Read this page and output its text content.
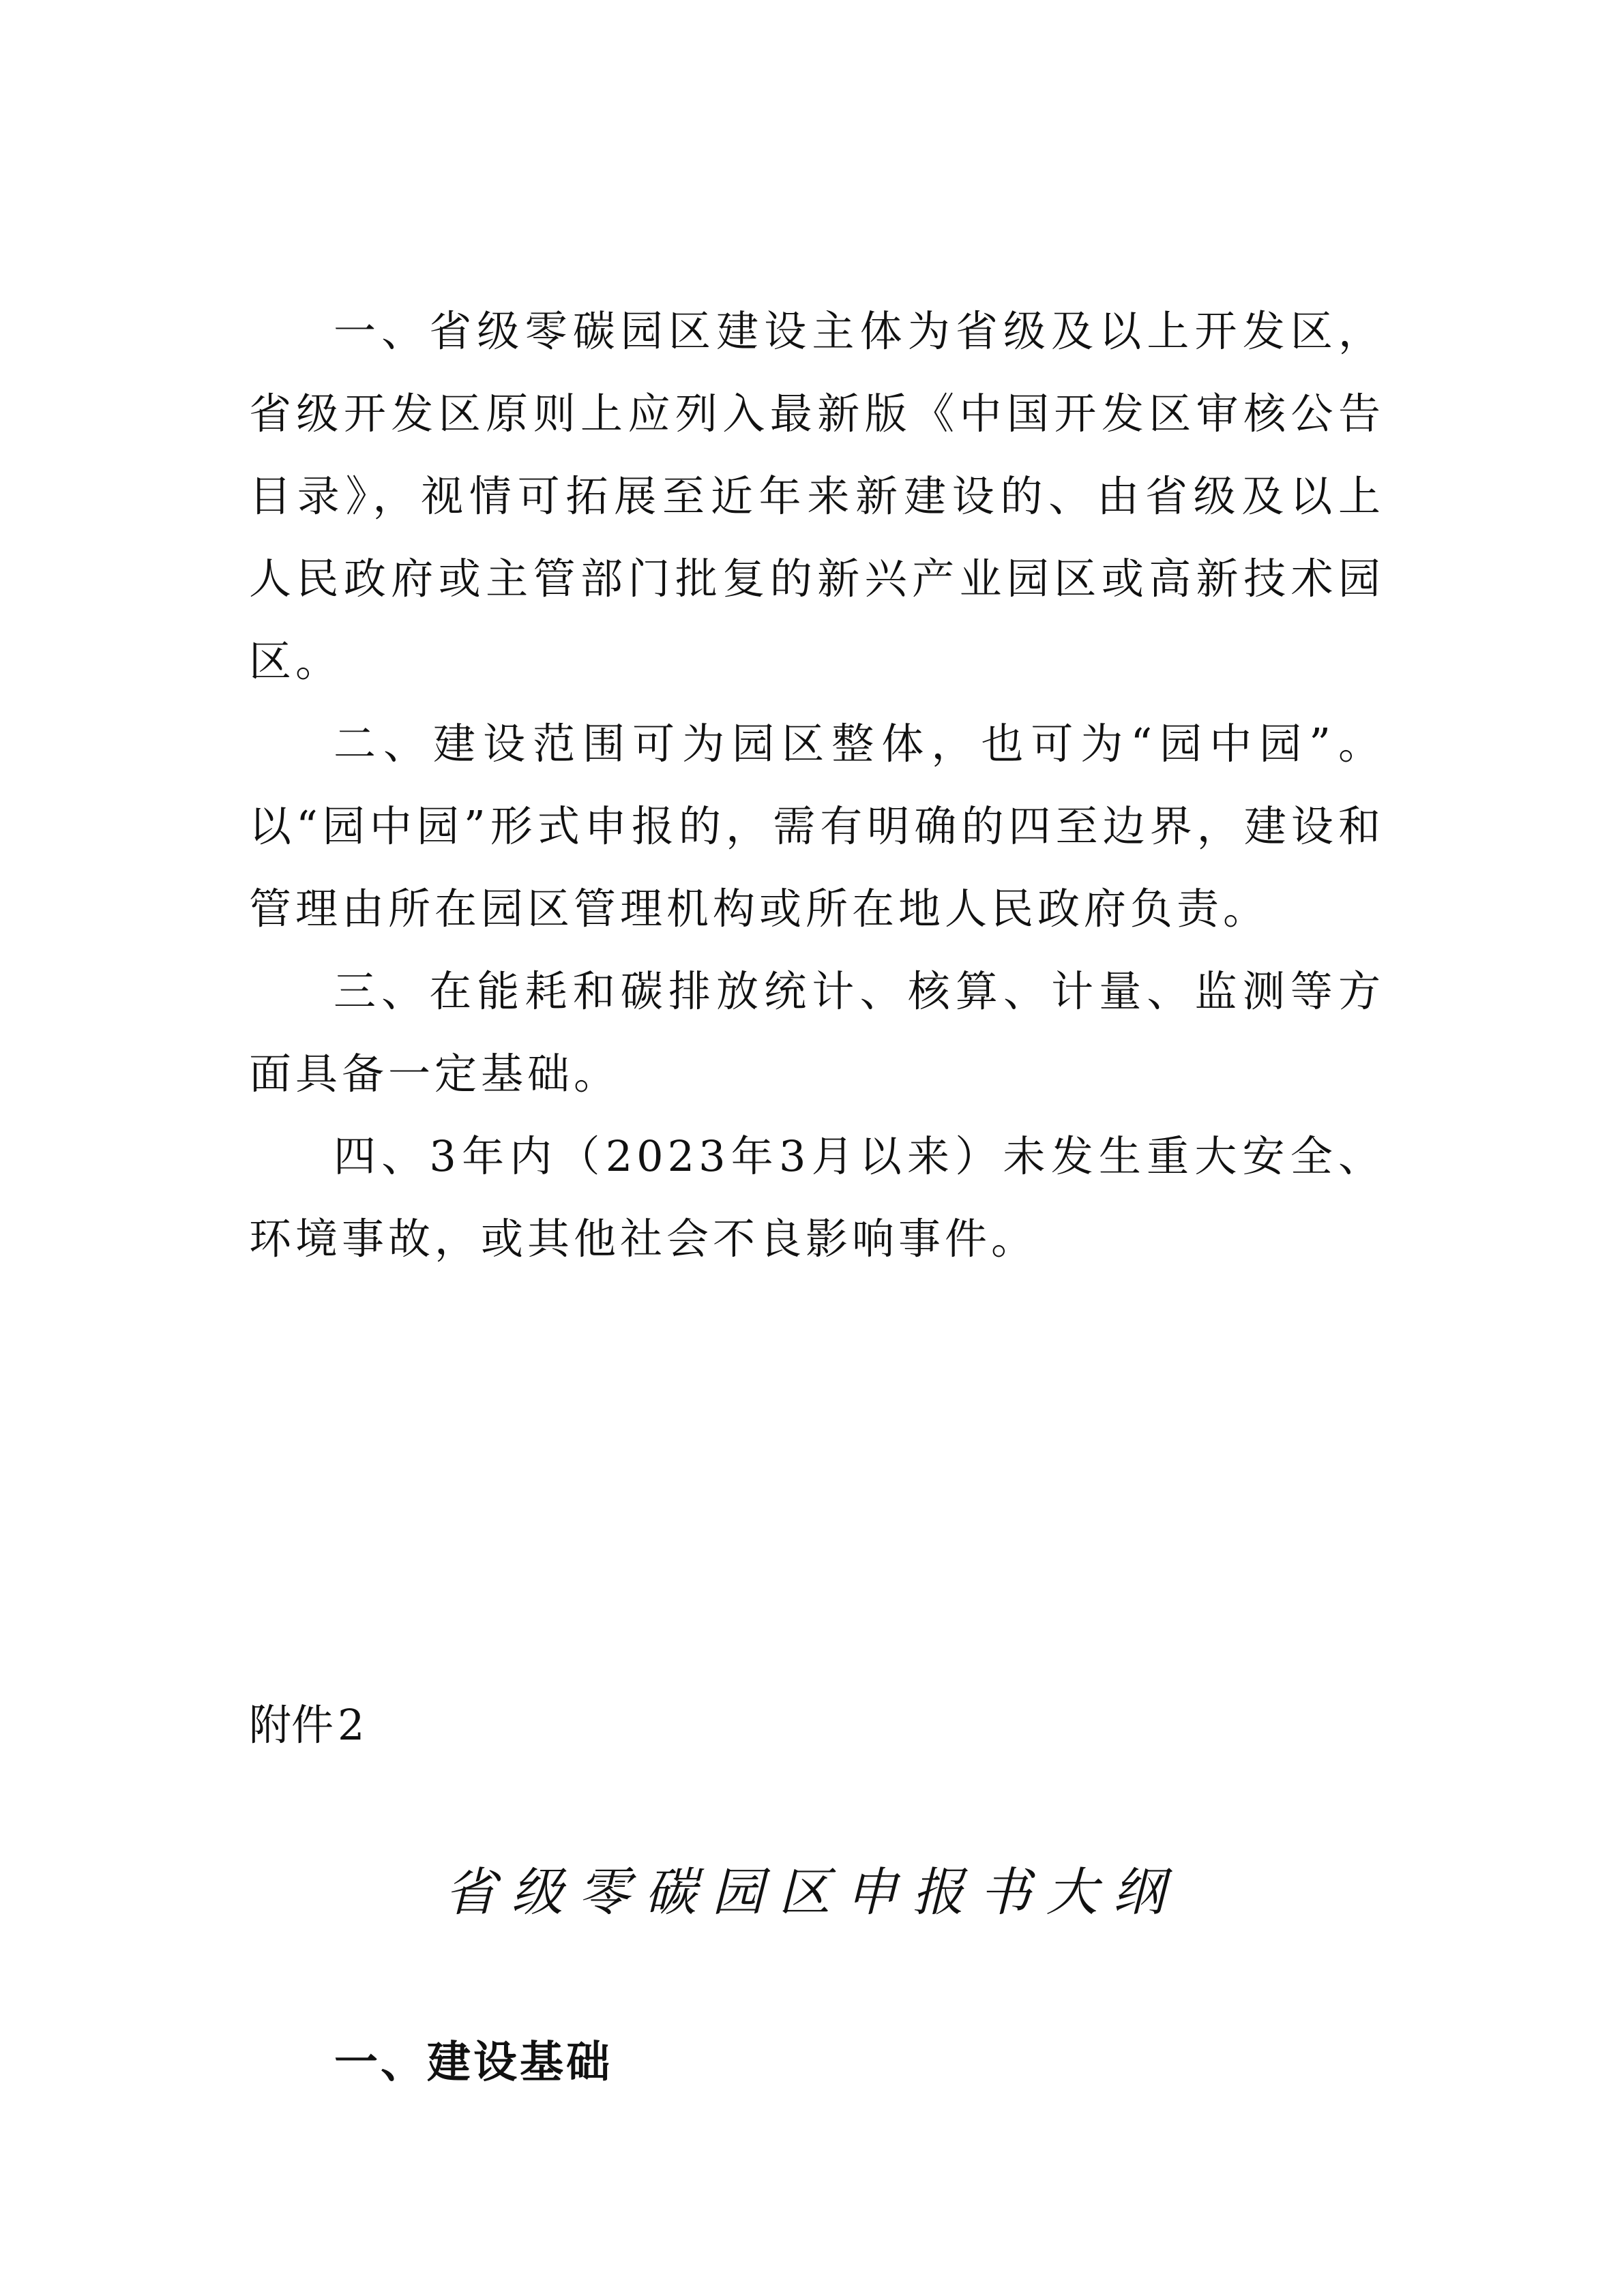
一、省级零碳园区建设主体为省级及以上开发区，省级开发区原则上应列入最新版《中国开发区审核公告目录》，视情可拓展至近年来新建设的、由省级及以上人民政府或主管部门批复的新兴产业园区或高新技术园区。

二、建设范围可为园区整体，也可为“园中园”。以“园中园”形式申报的，需有明确的四至边界，建设和管理由所在园区管理机构或所在地人民政府负责。

三、在能耗和碳排放统计、核算、计量、监测等方面具备一定基础。

四、3年内（2023年3月以来）未发生重大安全、环境事故，或其他社会不良影响事件。

附件2
省级零碳园区申报书大纲
一、建设基础
